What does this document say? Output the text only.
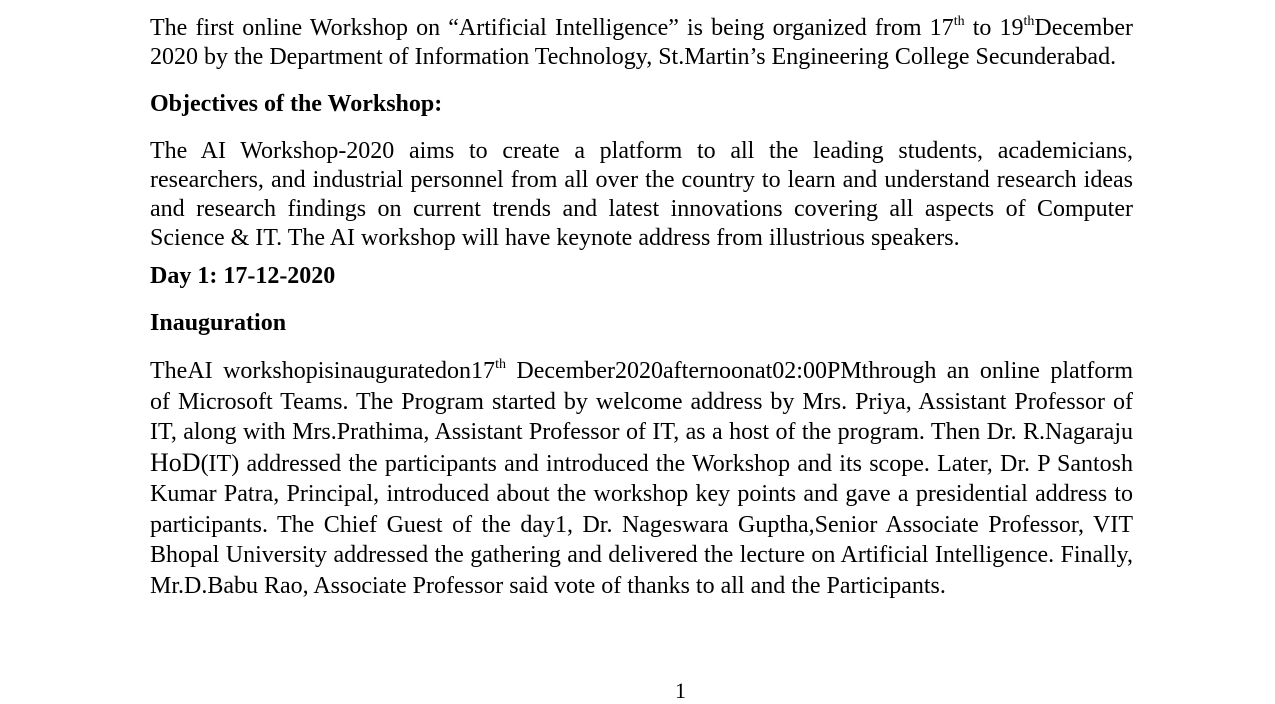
The first online Workshop on “Artificial Intelligence” is being organized from 17th to 19thDecember 2020 by the Department of Information Technology, St.Martin’s Engineering College Secunderabad.

Objectives of the Workshop:

The AI Workshop-2020 aims to create a platform to all the leading students, academicians, researchers, and industrial personnel from all over the country to learn and understand research ideas and research findings on current trends and latest innovations covering all aspects of Computer Science & IT. The AI workshop will have keynote address from illustrious speakers.

Day 1: 17-12-2020
Inauguration

TheAI workshopisinauguratedon17th December2020afternoonat02:00PMthrough an online platform of Microsoft Teams. The Program started by welcome address by Mrs. Priya, Assistant Professor of IT, along with Mrs.Prathima, Assistant Professor of IT, as a host of the program. Then Dr. R.Nagaraju HoD(IT) addressed the participants and introduced the Workshop and its scope. Later, Dr. P Santosh Kumar Patra, Principal, introduced about the workshop key points and gave a presidential address to participants. The Chief Guest of the day1, Dr. Nageswara Guptha,Senior Associate Professor, VIT Bhopal University addressed the gathering and delivered the lecture on Artificial Intelligence. Finally, Mr.D.Babu Rao, Associate Professor said vote of thanks to all and the Participants.

1
